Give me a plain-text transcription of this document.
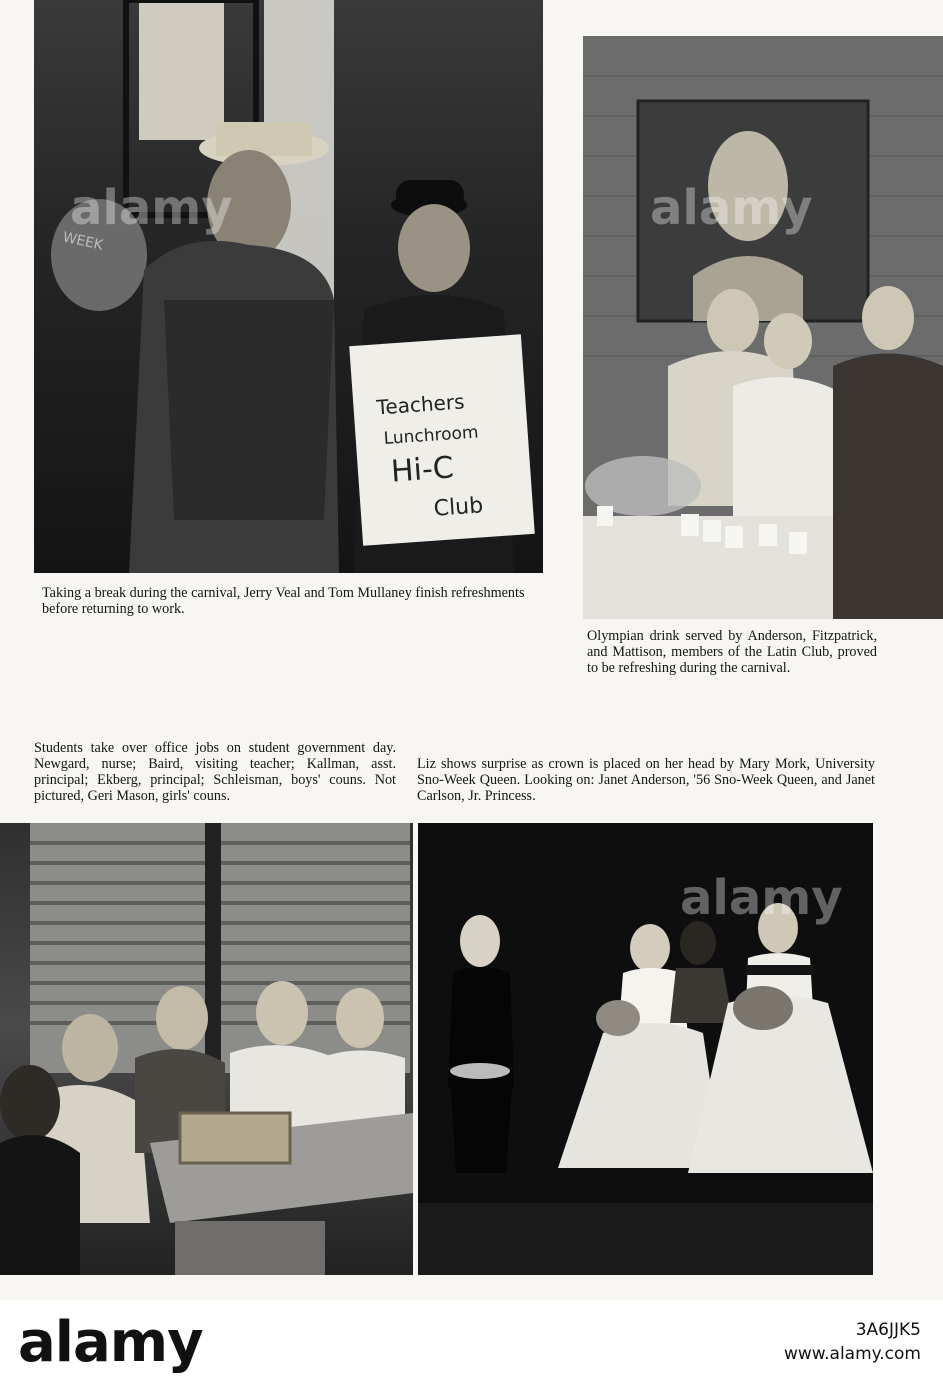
WEEK
Teachers
Lunchroom
Hi-C
Club
Taking a break during the carnival, Jerry Veal and Tom Mullaney finish refreshments before returning to work.
Olympian drink served by Anderson, Fitzpatrick, and Mattison, members of the Latin Club, proved to be refreshing during the carnival.
Students take over office jobs on student government day. Newgard, nurse; Baird, visiting teacher; Kallman, asst. principal; Ekberg, principal; Schleisman, boys' couns. Not pictured, Geri Mason, girls' couns.
Liz shows surprise as crown is placed on her head by Mary Mork, University Sno-Week Queen. Looking on: Janet Anderson, '56 Sno-Week Queen, and Janet Carlson, Jr. Princess.
alamy	3A6JJK5
www.alamy.com
alamy	alamy
alamy
